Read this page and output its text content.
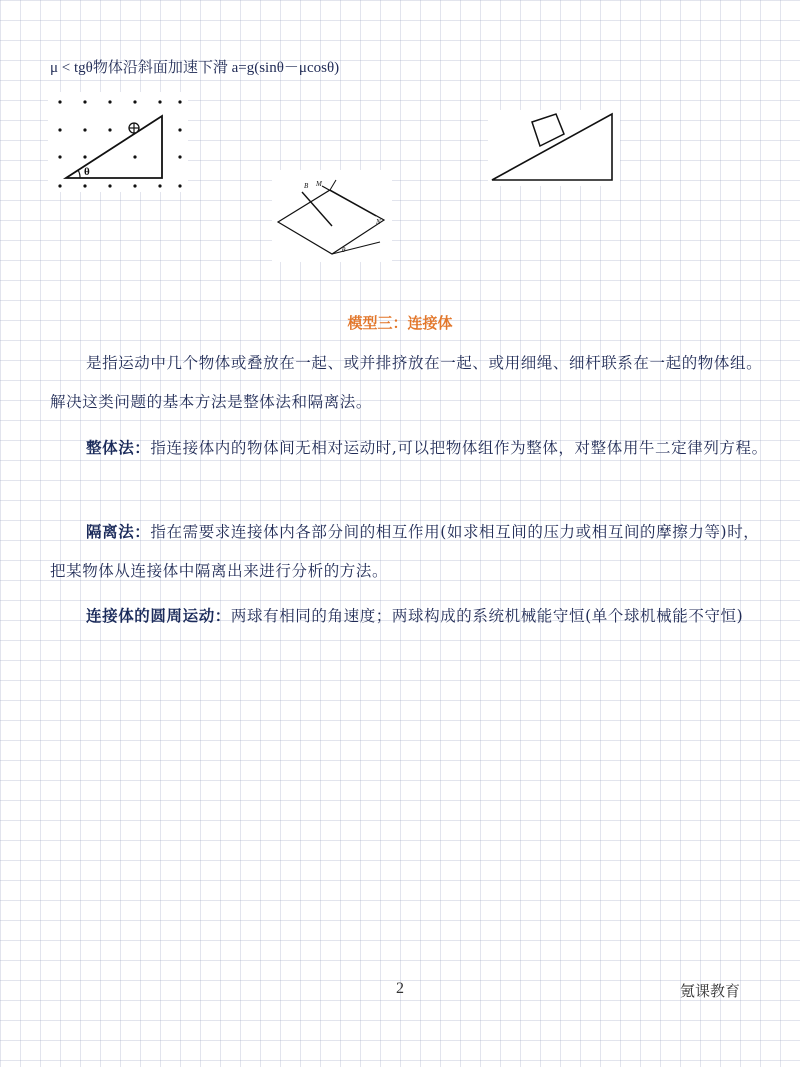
μ < tgθ物体沿斜面加速下滑 a=g(sinθ－μcosθ)
θ
B M
N
θ
模型三：连接体
是指运动中几个物体或叠放在一起、或并排挤放在一起、或用细绳、细杆联系在一起的物体组。解决这类问题的基本方法是整体法和隔离法。
整体法：指连接体内的物体间无相对运动时,可以把物体组作为整体，对整体用牛二定律列方程。
隔离法：指在需要求连接体内各部分间的相互作用(如求相互间的压力或相互间的摩擦力等)时，把某物体从连接体中隔离出来进行分析的方法。
连接体的圆周运动：两球有相同的角速度；两球构成的系统机械能守恒(单个球机械能不守恒)
2	氪课教育
